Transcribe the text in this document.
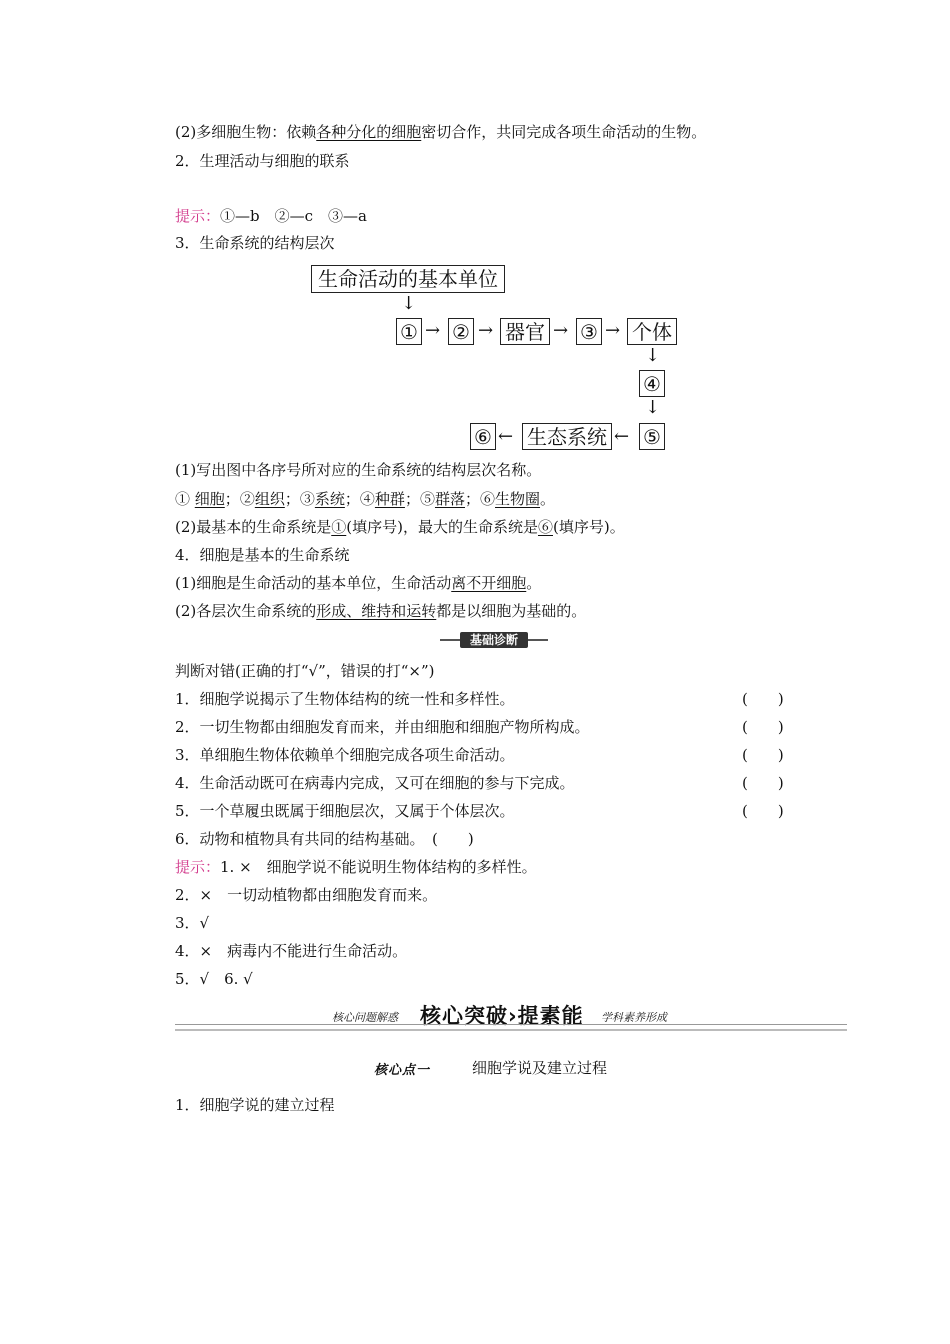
(2)多细胞生物：依赖各种分化的细胞密切合作，共同完成各项生命活动的生物。
2．生理活动与细胞的联系
提示：①—b　②—c　③—a
3．生命系统的结构层次
生命活动的基本单位
↓
① → ② → 器官 → ③ → 个体
↓
④
↓
⑤
←
生态系统
←
⑥
(1)写出图中各序号所对应的生命系统的结构层次名称。
① 细胞；②组织；③系统；④种群；⑤群落；⑥生物圈。
(2)最基本的生命系统是①(填序号)，最大的生命系统是⑥(填序号)。
4．细胞是基本的生命系统
(1)细胞是生命活动的基本单位，生命活动离不开细胞。
(2)各层次生命系统的形成、维持和运转都是以细胞为基础的。
基础诊断
判断对错(正确的打“√”，错误的打“×”)
1．细胞学说揭示了生物体结构的统一性和多样性。	(　　)
2．一切生物都由细胞发育而来，并由细胞和细胞产物所构成。	(　　)
3．单细胞生物体依赖单个细胞完成各项生命活动。	(　　)
4．生命活动既可在病毒内完成，又可在细胞的参与下完成。	(　　)
5．一个草履虫既属于细胞层次，又属于个体层次。	(　　)
6．动物和植物具有共同的结构基础。　(　　)
提示：1. ×　细胞学说不能说明生物体结构的多样性。
2．×　一切动植物都由细胞发育而来。
3．√
4．×　病毒内不能进行生命活动。
5．√　6. √
核心问题解惑 核心突破›提素能 学科素养形成
核心点一	细胞学说及建立过程
1．细胞学说的建立过程
